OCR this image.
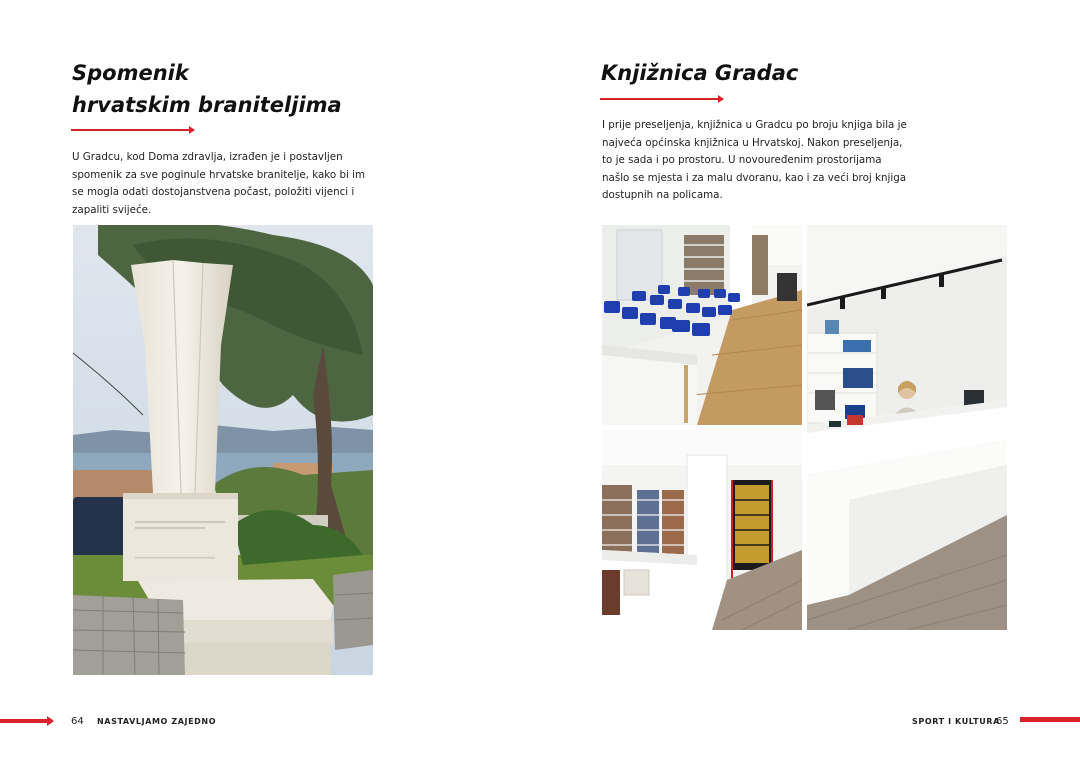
Spomenik
hrvatskim braniteljima

U Gradcu, kod Doma zdravlja, izrađen je i postavljen spomenik za sve poginule hrvatske branitelje, kako bi im se mogla odati dostojanstvena počast, položiti vijenci i zapaliti svijeće.

64 NASTAVLJAMO ZAJEDNO
Knjižnica Gradac

I prije preseljenja, knjižnica u Gradcu po broju knjiga bila je najveća općinska knjižnica u Hrvatskoj. Nakon preseljenja, to je sada i po prostoru. U novouređenim prostorijama našlo se mjesta i za malu dvoranu, kao i za veći broj knjiga dostupnih na policama.

SPORT I KULTURA
65
